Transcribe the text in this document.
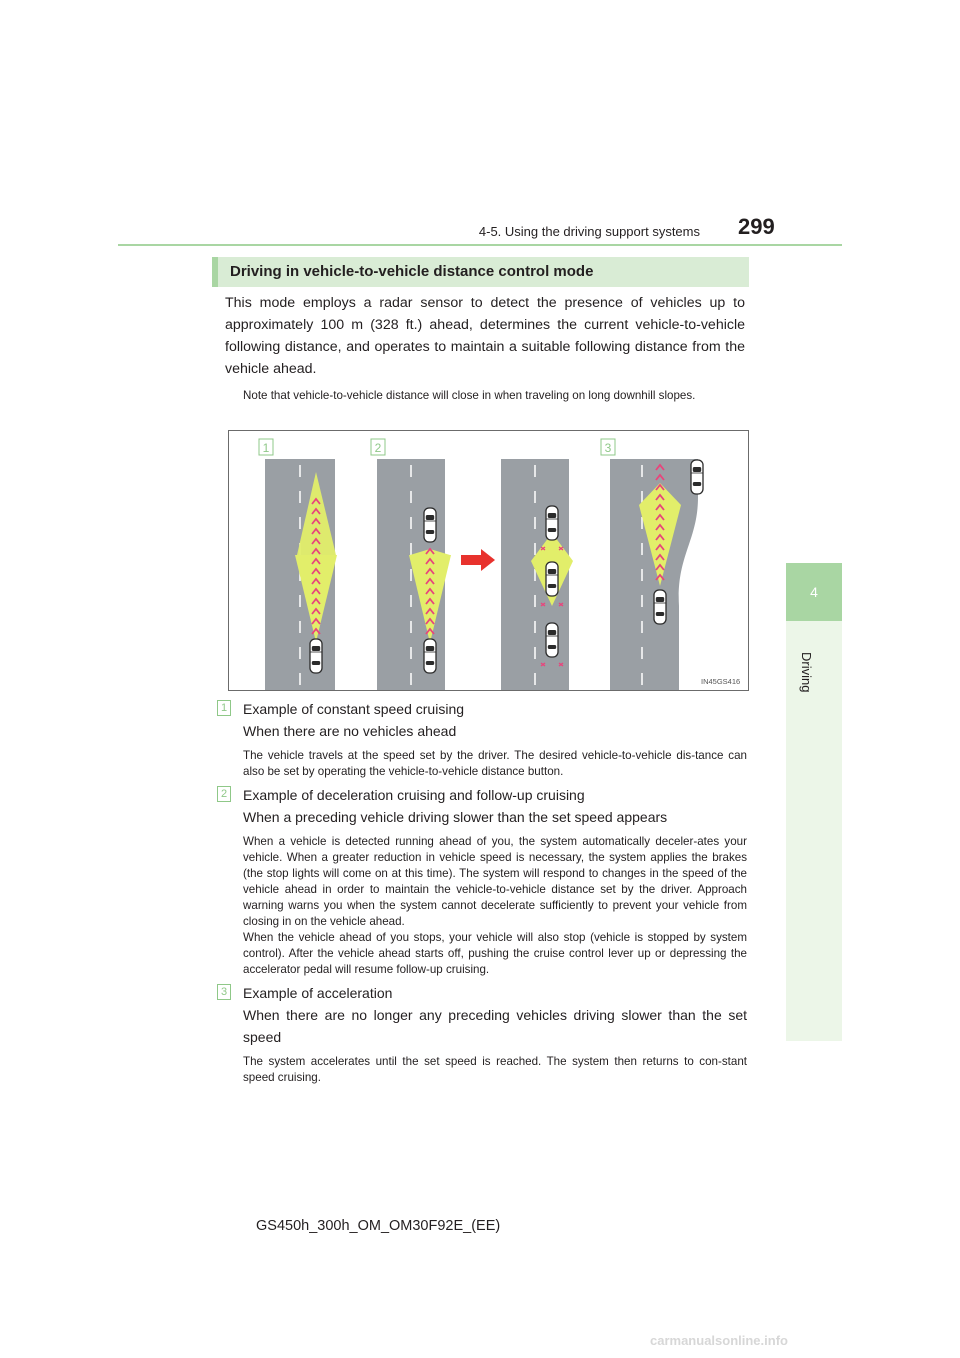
4-5. Using the driving support systems 299
4
Driving
Driving in vehicle-to-vehicle distance control mode

This mode employs a radar sensor to detect the presence of vehicles up to approximately 100 m (328 ft.) ahead, determines the current vehicle-to-vehicle following distance, and operates to maintain a suitable following distance from the vehicle ahead.

Note that vehicle-to-vehicle distance will close in when traveling on long downhill slopes.

1	2	3
IN45GS416
1 Example of constant speed cruising

When there are no vehicles ahead

The vehicle travels at the speed set by the driver. The desired vehicle-to-vehicle dis-tance can also be set by operating the vehicle-to-vehicle distance button.

2 Example of deceleration cruising and follow-up cruising

When a preceding vehicle driving slower than the set speed appears

When a vehicle is detected running ahead of you, the system automatically deceler-ates your vehicle. When a greater reduction in vehicle speed is necessary, the system applies the brakes (the stop lights will come on at this time). The system will respond to changes in the speed of the vehicle ahead in order to maintain the vehicle-to-vehicle distance set by the driver. Approach warning warns you when the system cannot decelerate sufficiently to prevent your vehicle from closing in on the vehicle ahead.

When the vehicle ahead of you stops, your vehicle will also stop (vehicle is stopped by system control). After the vehicle ahead starts off, pushing the cruise control lever up or depressing the accelerator pedal will resume follow-up cruising.

3 Example of acceleration

When there are no longer any preceding vehicles driving slower than the set speed

The system accelerates until the set speed is reached. The system then returns to con-stant speed cruising.

GS450h_300h_OM_OM30F92E_(EE)
carmanualsonline.info
